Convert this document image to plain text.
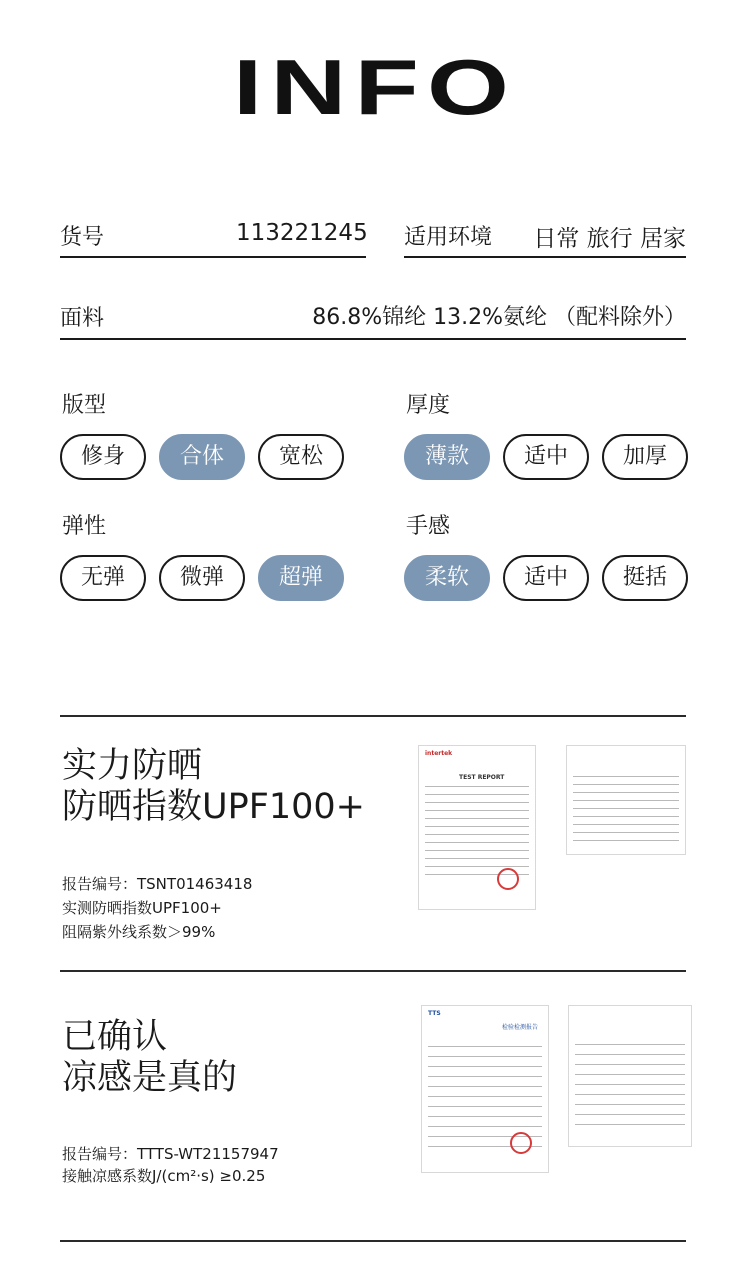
INFO
货号	113221245 适用环境	日常 旅行 居家
面料	86.8%锦纶 13.2%氨纶 （配料除外）
版型
修身	合体	宽松
厚度
薄款	适中	加厚
弹性
无弹	微弹	超弹
手感
柔软	适中	挺括
实力防晒
防晒指数UPF100+
报告编号：TSNT01463418
实测防晒指数UPF100+
阻隔紫外线系数＞99%
intertek
TEST REPORT
已确认
凉感是真的
报告编号：TTTS-WT21157947
接触凉感系数J/(cm²·s) ≥0.25
TTS
检验检测报告
